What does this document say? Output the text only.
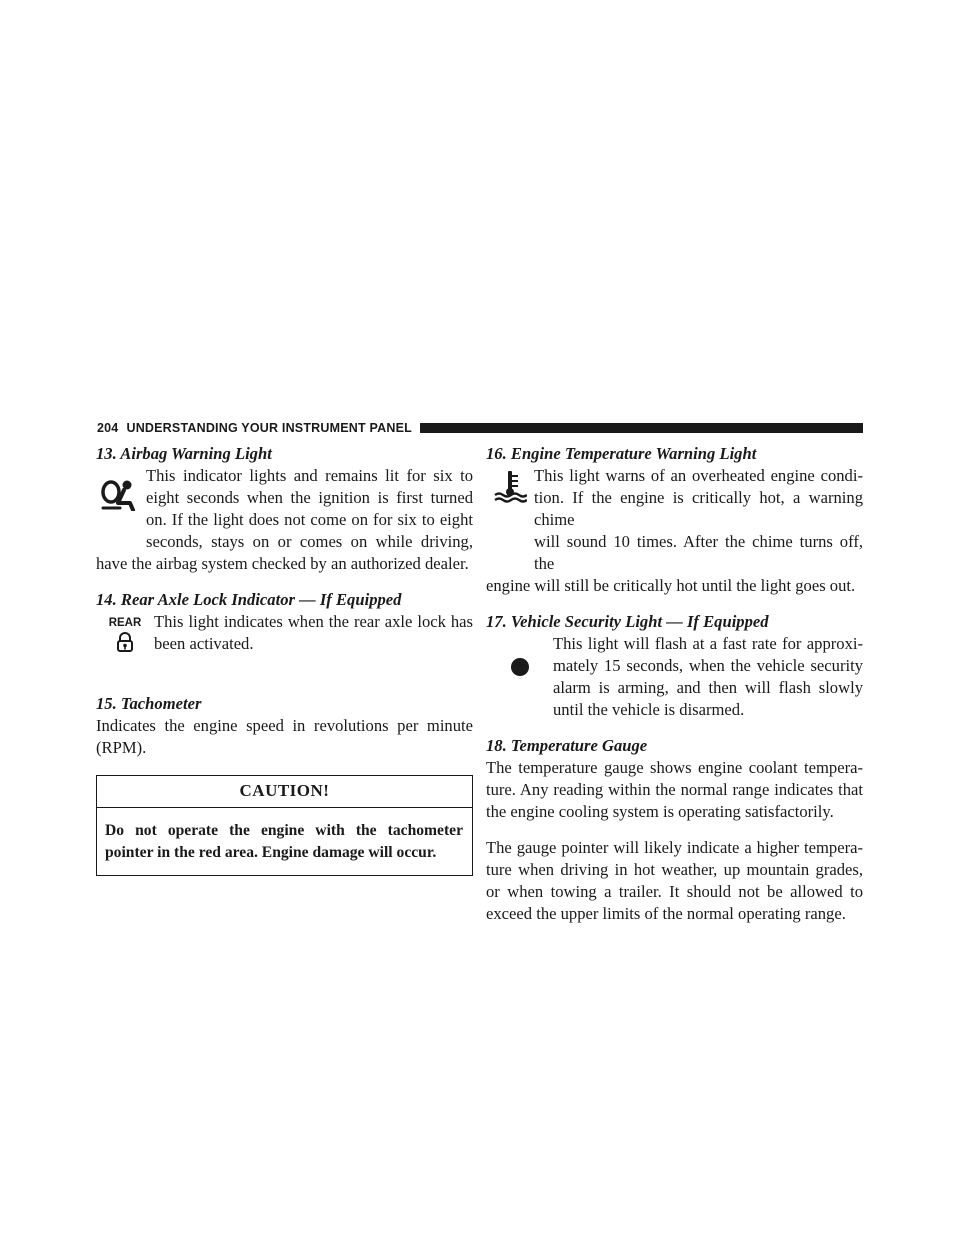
204 UNDERSTANDING YOUR INSTRUMENT PANEL
13. Airbag Warning Light

This indicator lights and remains lit for six to

eight seconds when the ignition is first turned

on. If the light does not come on for six to eight

seconds, stays on or comes on while driving,

have the airbag system checked by an authorized dealer.

14. Rear Axle Lock Indicator — If Equipped
REAR This light indicates when the rear axle lock has

been activated.

15. Tachometer

Indicates the engine speed in revolutions per minute (RPM).

CAUTION!
Do not operate the engine with the tachometer pointer in the red area. Engine damage will occur.
16. Engine Temperature Warning Light

This light warns of an overheated engine condi-

tion. If the engine is critically hot, a warning chime

will sound 10 times. After the chime turns off, the

engine will still be critically hot until the light goes out.

17. Vehicle Security Light — If Equipped

This light will flash at a fast rate for approxi-

mately 15 seconds, when the vehicle security

alarm is arming, and then will flash slowly

until the vehicle is disarmed.

18. Temperature Gauge

The temperature gauge shows engine coolant tempera-ture. Any reading within the normal range indicates that the engine cooling system is operating satisfactorily.

The gauge pointer will likely indicate a higher tempera-ture when driving in hot weather, up mountain grades, or when towing a trailer. It should not be allowed to exceed the upper limits of the normal operating range.
